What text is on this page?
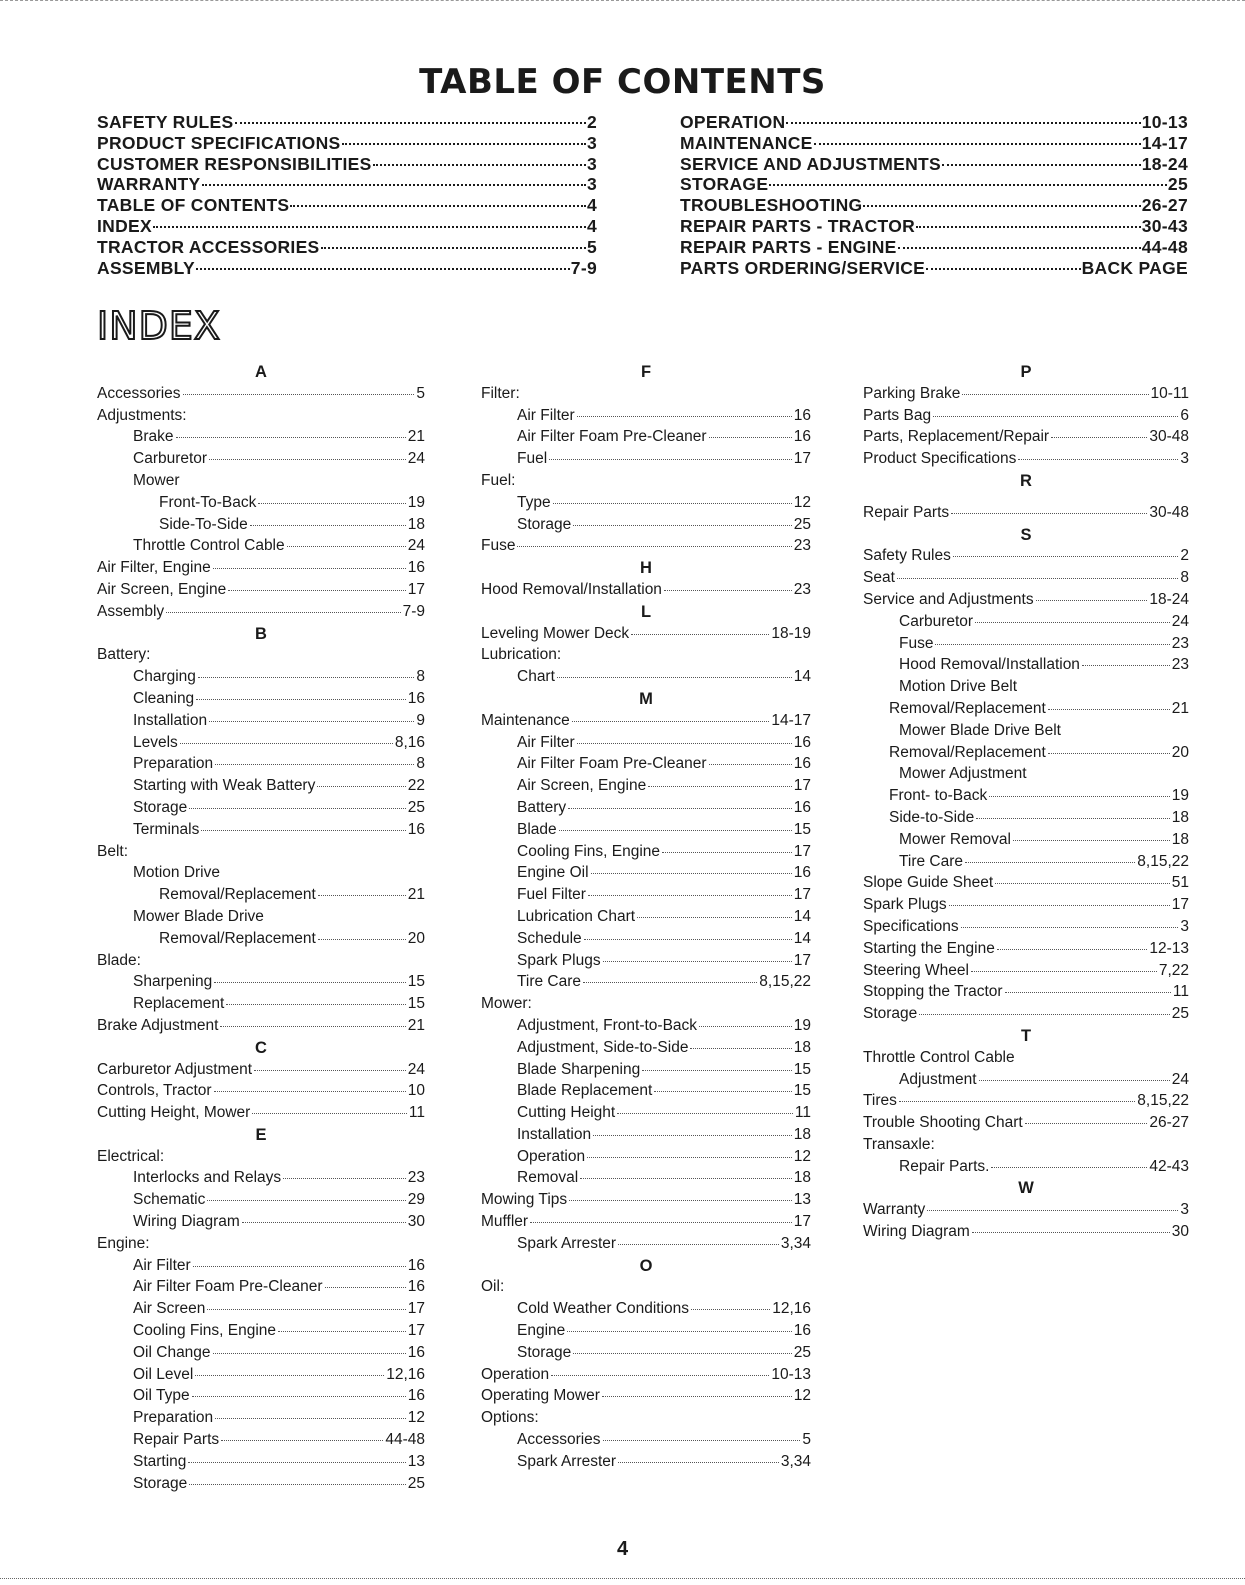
TABLE OF CONTENTS
SAFETY RULES	2
PRODUCT SPECIFICATIONS	3
CUSTOMER RESPONSIBILITIES	3
WARRANTY	3
TABLE OF CONTENTS	4
INDEX	4
TRACTOR ACCESSORIES	5
ASSEMBLY	7-9
OPERATION	10-13
MAINTENANCE	14-17
SERVICE AND ADJUSTMENTS	18-24
STORAGE	25
TROUBLESHOOTING	26-27
REPAIR PARTS - TRACTOR	30-43
REPAIR PARTS - ENGINE	44-48
PARTS ORDERING/SERVICE	BACK PAGE
INDEX
A
Accessories	5
Adjustments:
Brake	21
Carburetor	24
Mower
Front-To-Back	19
Side-To-Side	18
Throttle Control Cable	24
Air Filter, Engine	16
Air Screen, Engine	17
Assembly	7-9
B
Battery:
Charging	8
Cleaning	16
Installation	9
Levels	8,16
Preparation	8
Starting with Weak Battery	22
Storage	25
Terminals	16
Belt:
Motion Drive
Removal/Replacement	21
Mower Blade Drive
Removal/Replacement	20
Blade:
Sharpening	15
Replacement	15
Brake Adjustment	21
C
Carburetor Adjustment	24
Controls, Tractor	10
Cutting Height, Mower	11
E
Electrical:
Interlocks and Relays	23
Schematic	29
Wiring Diagram	30
Engine:
Air Filter	16
Air Filter Foam Pre-Cleaner	16
Air Screen	17
Cooling Fins, Engine	17
Oil Change	16
Oil Level	12,16
Oil Type	16
Preparation	12
Repair Parts	44-48
Starting	13
Storage	25
F
Filter:
Air Filter	16
Air Filter Foam Pre-Cleaner	16
Fuel	17
Fuel:
Type	12
Storage	25
Fuse	23
H
Hood Removal/Installation	23
L
Leveling Mower Deck	18-19
Lubrication:
Chart	14
M
Maintenance	14-17
Air Filter	16
Air Filter Foam Pre-Cleaner	16
Air Screen, Engine	17
Battery	16
Blade	15
Cooling Fins, Engine	17
Engine Oil	16
Fuel Filter	17
Lubrication Chart	14
Schedule	14
Spark Plugs	17
Tire Care	8,15,22
Mower:
Adjustment, Front-to-Back	19
Adjustment, Side-to-Side	18
Blade Sharpening	15
Blade Replacement	15
Cutting Height	11
Installation	18
Operation	12
Removal	18
Mowing Tips	13
Muffler	17
Spark Arrester	3,34
O
Oil:
Cold Weather Conditions	12,16
Engine	16
Storage	25
Operation	10-13
Operating Mower	12
Options:
Accessories	5
Spark Arrester	3,34
P
Parking Brake	10-11
Parts Bag	6
Parts, Replacement/Repair	30-48
Product Specifications	3
R
Repair Parts	30-48
S
Safety Rules	2
Seat	8
Service and Adjustments	18-24
Carburetor	24
Fuse	23
Hood Removal/Installation	23
Motion Drive Belt
Removal/Replacement	21
Mower Blade Drive Belt
Removal/Replacement	20
Mower Adjustment
Front- to-Back	19
Side-to-Side	18
Mower Removal	18
Tire Care	8,15,22
Slope Guide Sheet	51
Spark Plugs	17
Specifications	3
Starting the Engine	12-13
Steering Wheel	7,22
Stopping the Tractor	11
Storage	25
T
Throttle Control Cable
Adjustment	24
Tires	8,15,22
Trouble Shooting Chart	26-27
Transaxle:
Repair Parts.	42-43
W
Warranty	3
Wiring Diagram	30
4
